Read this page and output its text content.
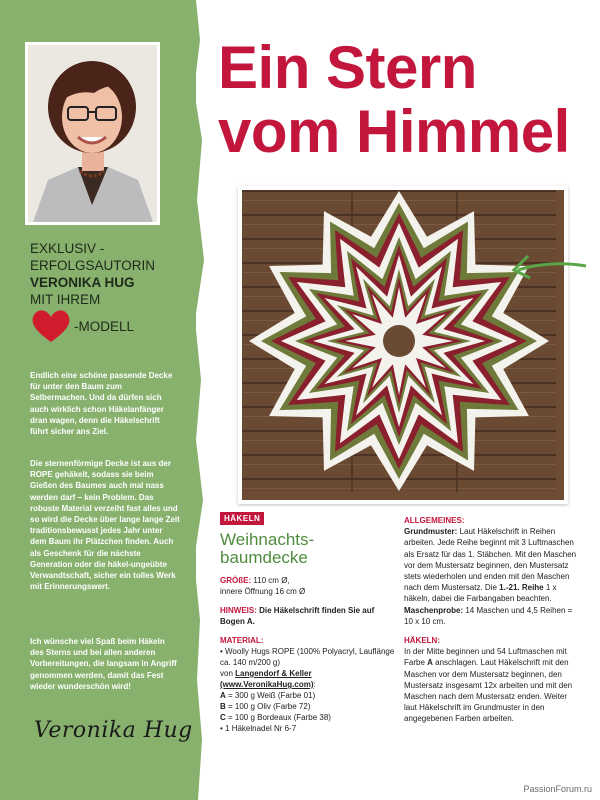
EXKLUSIV -
ERFOLGSAUTORIN
VERONIKA HUG
MIT IHREM
-MODELL
Endlich eine schöne passende Decke für unter den Baum zum Selbermachen. Und da dürfen sich auch wirklich schon Häkelanfänger dran wagen, denn die Häkelschrift führt sicher ans Ziel.
Die sternenförmige Decke ist aus der ROPE gehäkelt, sodass sie beim Gießen des Baumes auch mal nass werden darf – kein Problem. Das robuste Material verzeiht fast alles und so wird die Decke über lange lange Zeit traditionsbewusst jedes Jahr unter dem Baum ihr Plätzchen finden. Auch als Geschenk für die nächste Generation oder die häkel-ungeübte Verwandtschaft, sicher ein tolles Werk mit Erinnerungswert.
Ich wünsche viel Spaß beim Häkeln des Sterns und bei allen anderen Vorbereitungen, die langsam in Angriff genommen werden, damit das Fest wieder wunderschön wird!
Veronika Hug
Ein Stern
vom Himmel
HÄKELN
Weihnachts-
baumdecke

GRÖßE: 110 cm Ø,
innere Öffnung 16 cm Ø

HINWEIS: Die Häkelschrift finden Sie auf Bogen A.

MATERIAL:
• Woolly Hugs ROPE (100% Polyacryl, Lauflänge ca. 140 m/200 g)
von Langendorf & Keller
(www.VeronikaHug.com):
A = 300 g Weiß (Farbe 01)
B = 100 g Oliv (Farbe 72)
C = 100 g Bordeaux (Farbe 38)
• 1 Häkelnadel Nr 6-7
ALLGEMEINES:

Grundmuster: Laut Häkelschrift in Reihen arbeiten. Jede Reihe beginnt mit 3 Luftmaschen als Ersatz für das 1. Stäbchen. Mit den Maschen vor dem Mustersatz beginnen, den Mustersatz stets wiederholen und enden mit den Maschen nach dem Mustersatz. Die 1.-21. Reihe 1 x häkeln, dabei die Farbangaben beachten.
Maschenprobe: 14 Maschen und 4,5 Reihen = 10 x 10 cm.

HÄKELN:

In der Mitte beginnen und 54 Luftmaschen mit Farbe A anschlagen. Laut Häkelschrift mit den Maschen vor dem Mustersatz beginnen, den Mustersatz insgesamt 12x arbeiten und mit den Maschen nach dem Mustersatz enden. Weiter laut Häkelschrift im Grundmuster in den angegebenen Farben arbeiten.

PassionForum.ru
